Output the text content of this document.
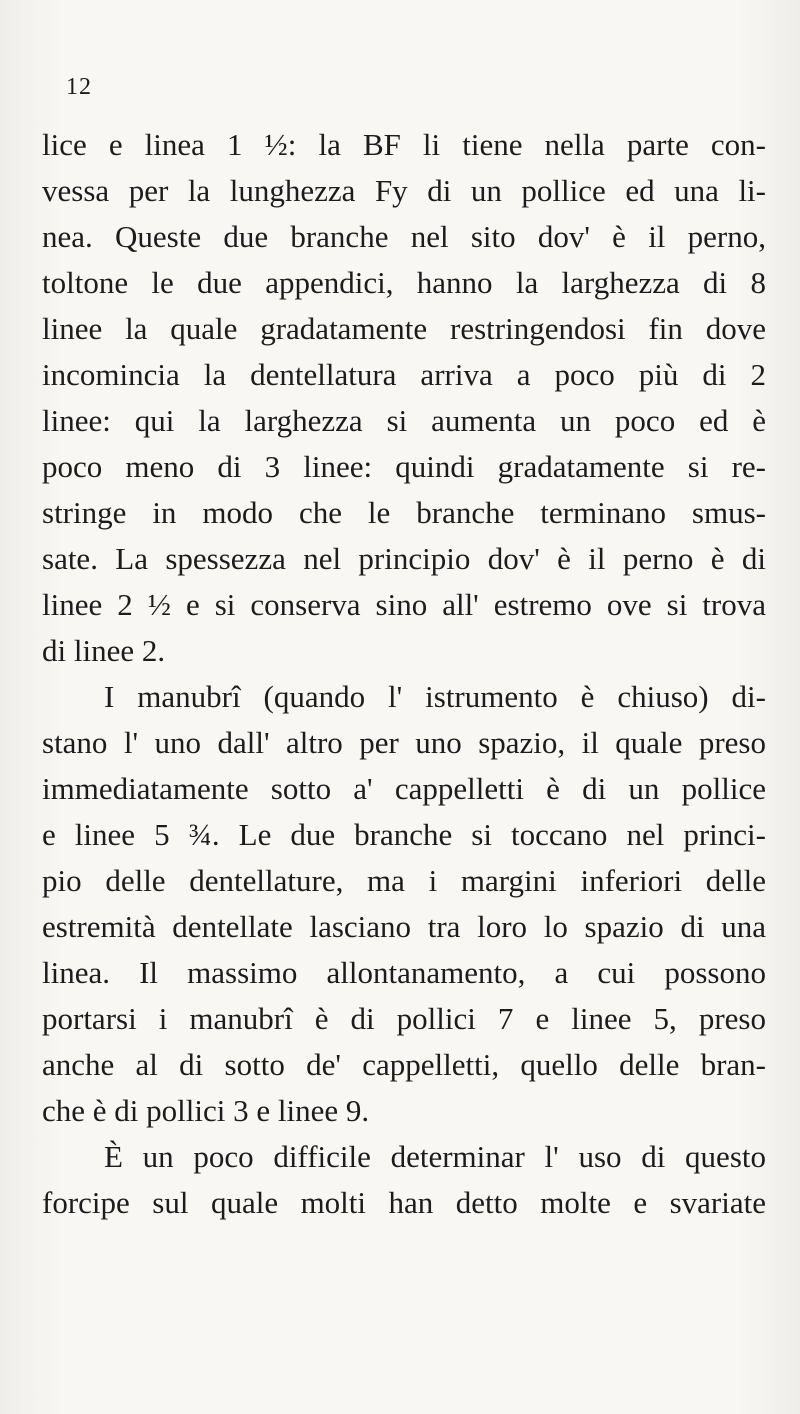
12
lice e linea 1 ½: la BF li tiene nella parte con-
vessa per la lunghezza Fy di un pollice ed una li-
nea. Queste due branche nel sito dov' è il perno,
toltone le due appendici, hanno la larghezza di 8
linee la quale gradatamente restringendosi fin dove
incomincia la dentellatura arriva a poco più di 2
linee: qui la larghezza si aumenta un poco ed è
poco meno di 3 linee: quindi gradatamente si re-
stringe in modo che le branche terminano smus-
sate. La spessezza nel principio dov' è il perno è di
linee 2 ½ e si conserva sino all' estremo ove si trova
di linee 2.
I manubrî (quando l' istrumento è chiuso) di-
stano l' uno dall' altro per uno spazio, il quale preso
immediatamente sotto a' cappelletti è di un pollice
e linee 5 ¾. Le due branche si toccano nel princi-
pio delle dentellature, ma i margini inferiori delle
estremità dentellate lasciano tra loro lo spazio di una
linea. Il massimo allontanamento, a cui possono
portarsi i manubrî è di pollici 7 e linee 5, preso
anche al di sotto de' cappelletti, quello delle bran-
che è di pollici 3 e linee 9.
È un poco difficile determinar l' uso di questo
forcipe sul quale molti han detto molte e svariate
